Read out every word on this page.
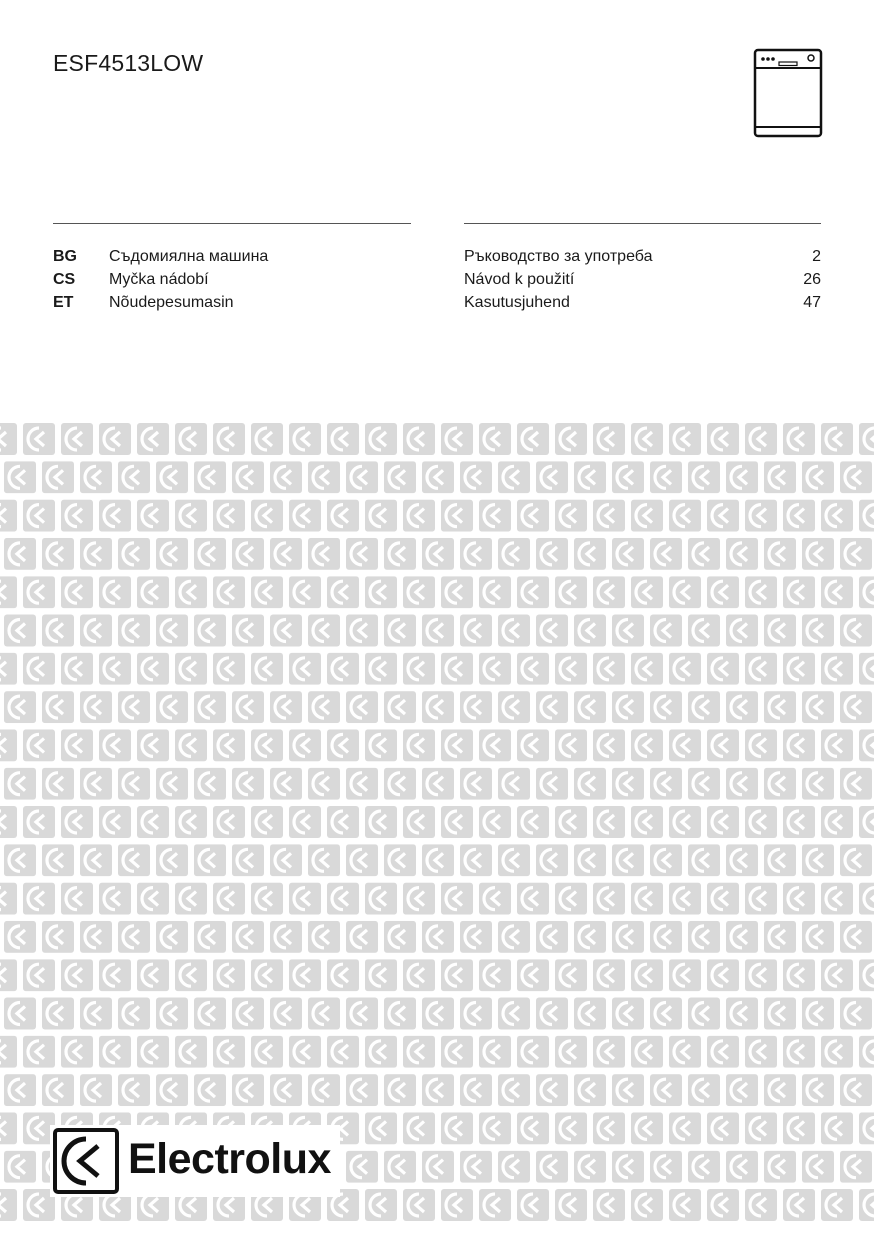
ESF4513LOW
BG	Съдомиялна машина	Ръководство за употреба	2
CS	Myčka nádobí	Návod k použití	26
ET	Nõudepesumasin	Kasutusjuhend	47
Electrolux
